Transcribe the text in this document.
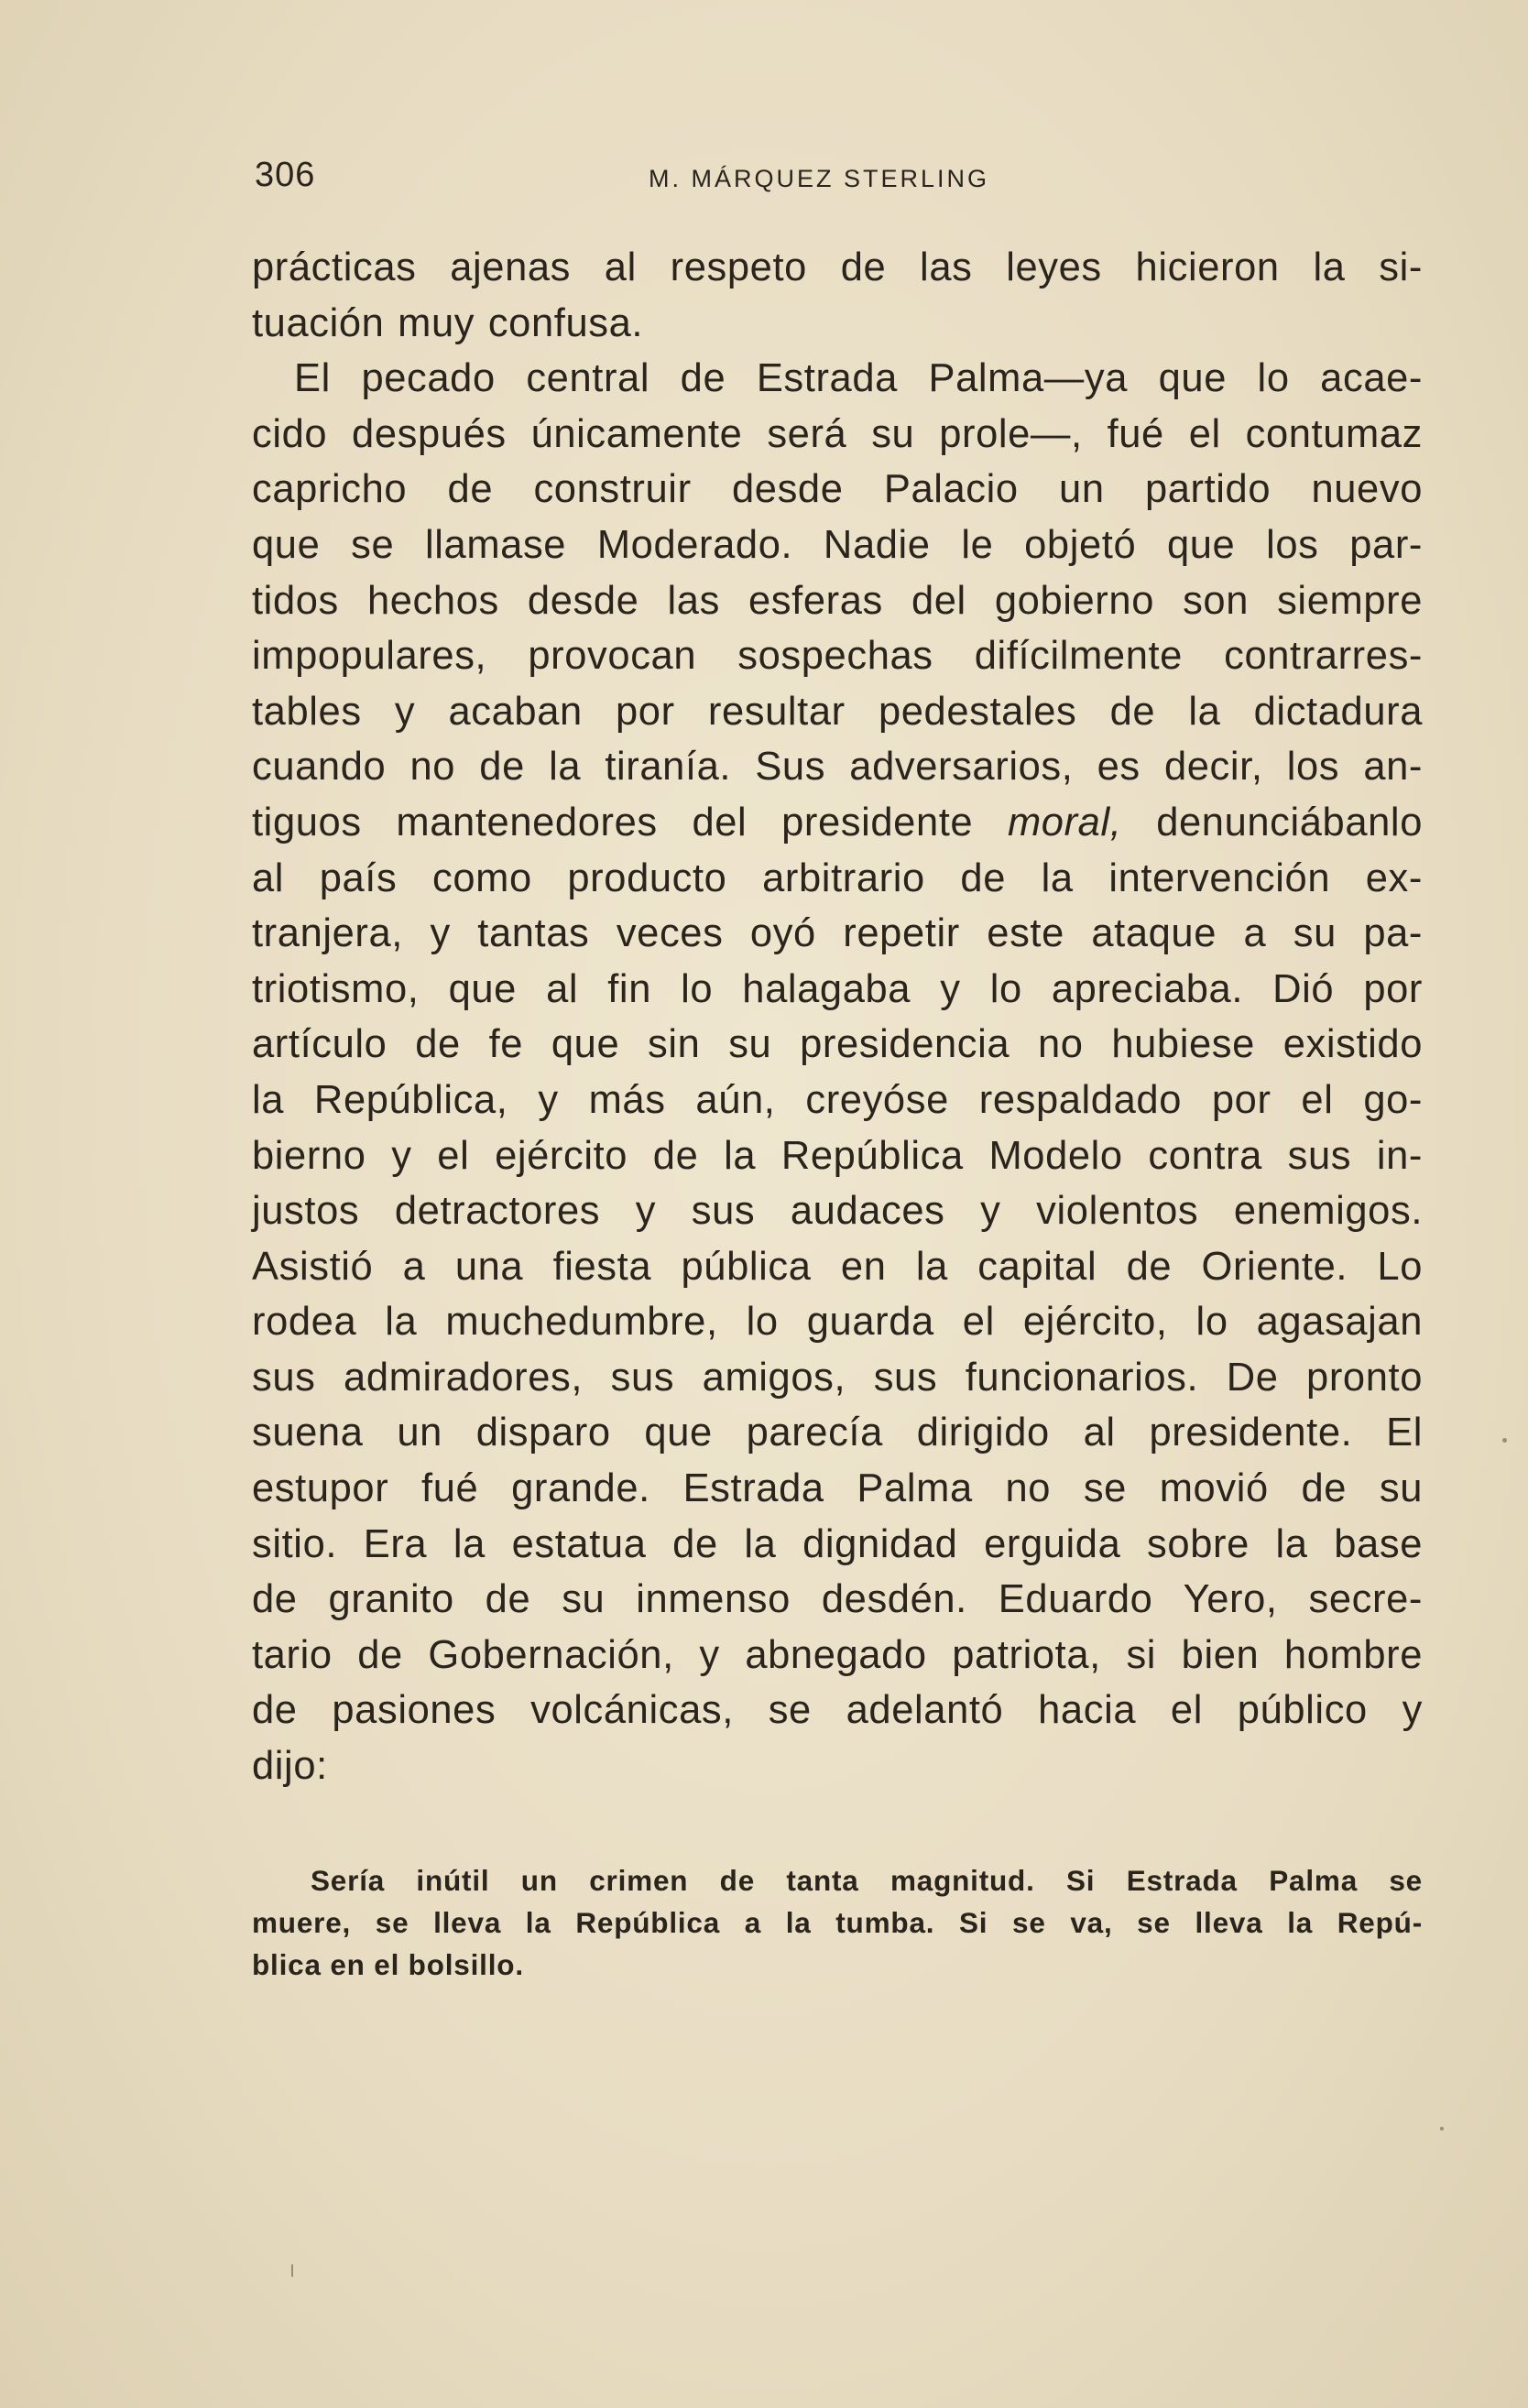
306	M. MÁRQUEZ STERLING
prácticas ajenas al respeto de las leyes hicieron la si-
tuación muy confusa.
El pecado central de Estrada Palma—ya que lo acae-
cido después únicamente será su prole—, fué el contumaz
capricho de construir desde Palacio un partido nuevo
que se llamase Moderado. Nadie le objetó que los par-
tidos hechos desde las esferas del gobierno son siempre
impopulares, provocan sospechas difícilmente contrarres-
tables y acaban por resultar pedestales de la dictadura
cuando no de la tiranía. Sus adversarios, es decir, los an-
tiguos mantenedores del presidente moral, denunciábanlo
al país como producto arbitrario de la intervención ex-
tranjera, y tantas veces oyó repetir este ataque a su pa-
triotismo, que al fin lo halagaba y lo apreciaba. Dió por
artículo de fe que sin su presidencia no hubiese existido
la República, y más aún, creyóse respaldado por el go-
bierno y el ejército de la República Modelo contra sus in-
justos detractores y sus audaces y violentos enemigos.
Asistió a una fiesta pública en la capital de Oriente. Lo
rodea la muchedumbre, lo guarda el ejército, lo agasajan
sus admiradores, sus amigos, sus funcionarios. De pronto
suena un disparo que parecía dirigido al presidente. El
estupor fué grande. Estrada Palma no se movió de su
sitio. Era la estatua de la dignidad erguida sobre la base
de granito de su inmenso desdén. Eduardo Yero, secre-
tario de Gobernación, y abnegado patriota, si bien hombre
de pasiones volcánicas, se adelantó hacia el público y
dijo:
Sería inútil un crimen de tanta magnitud. Si Estrada Palma se
muere, se lleva la República a la tumba. Si se va, se lleva la Repú-
blica en el bolsillo.
